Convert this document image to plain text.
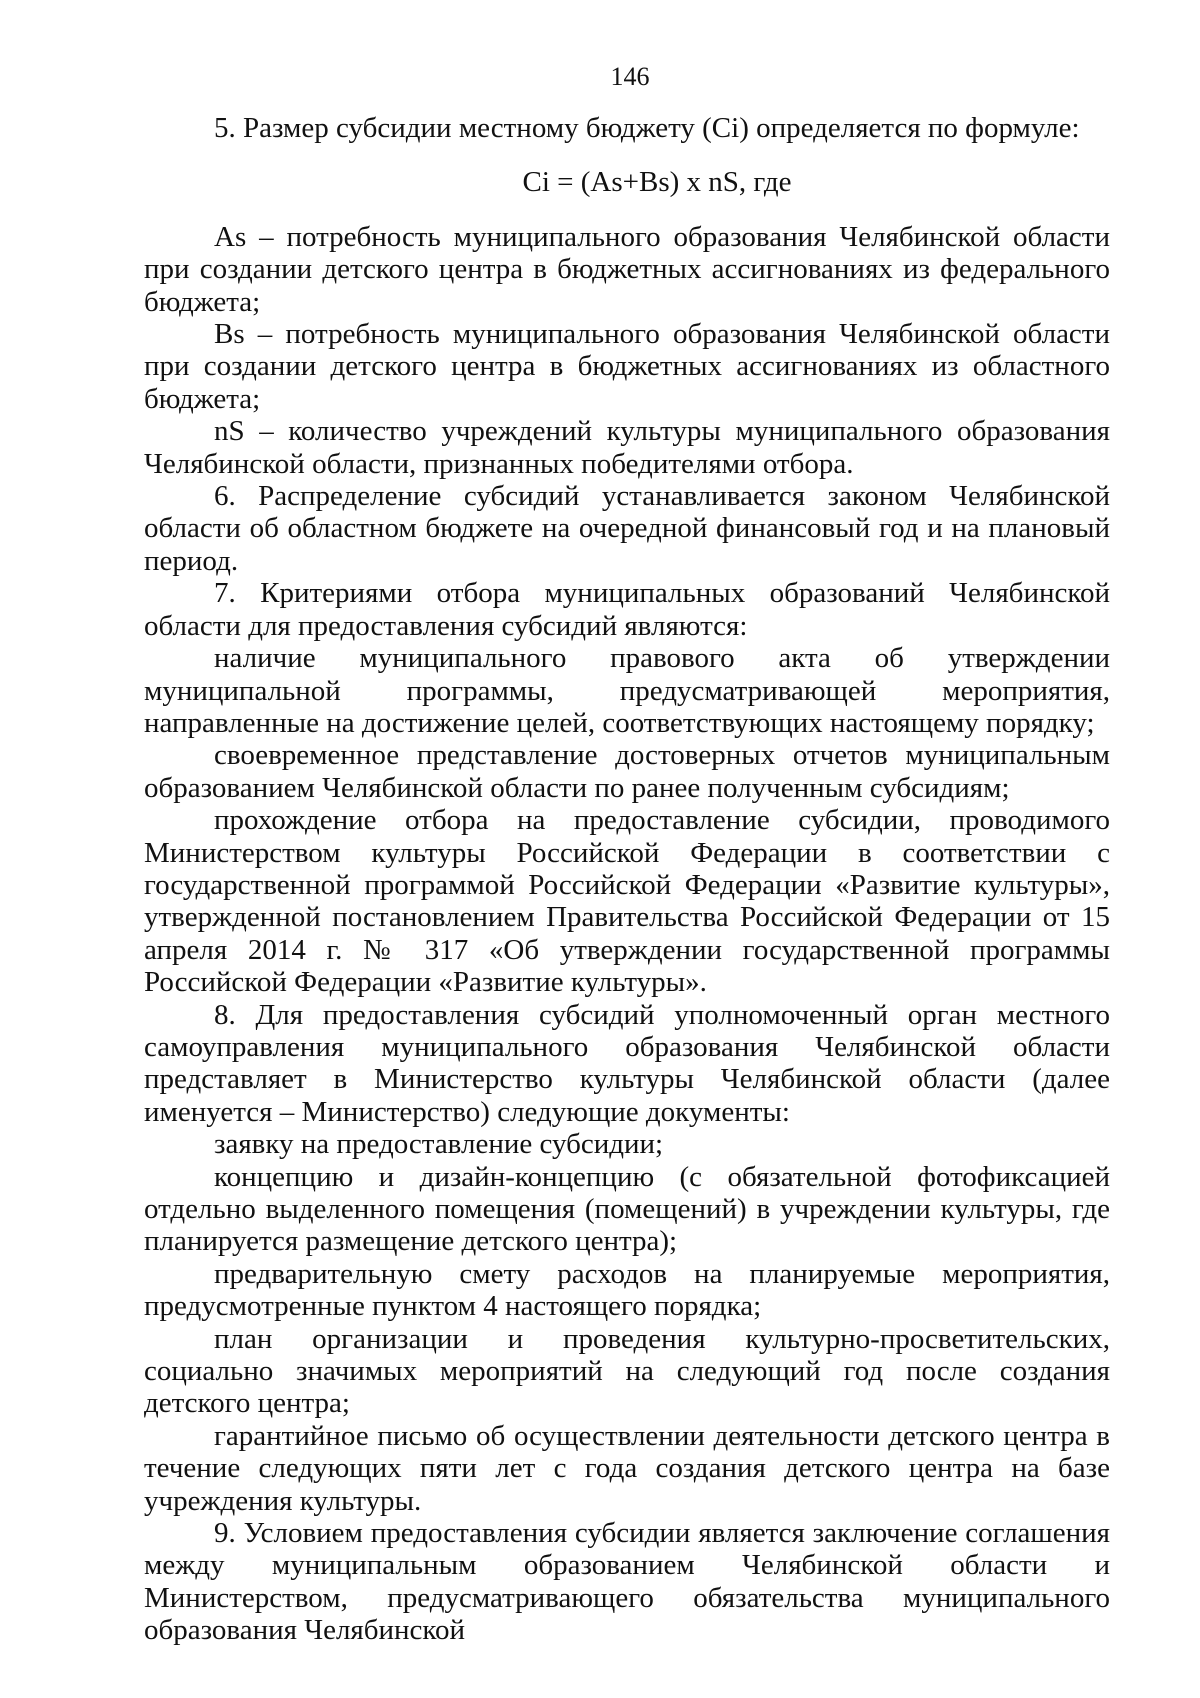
146

5. Размер субсидии местному бюджету (Ci) определяется по формуле:

Ci = (As+Bs) x nS, где

As – потребность муниципального образования Челябинской области при создании детского центра в бюджетных ассигнованиях из федерального бюджета;

Bs – потребность муниципального образования Челябинской области при создании детского центра в бюджетных ассигнованиях из областного бюджета;

nS – количество учреждений культуры муниципального образования Челябинской области, признанных победителями отбора.

6. Распределение субсидий устанавливается законом Челябинской области об областном бюджете на очередной финансовый год и на плановый период.

7. Критериями отбора муниципальных образований Челябинской области для предоставления субсидий являются:

наличие муниципального правового акта об утверждении муниципальной программы, предусматривающей мероприятия, направленные на достижение целей, соответствующих настоящему порядку;

своевременное представление достоверных отчетов муниципальным образованием Челябинской области по ранее полученным субсидиям;

прохождение отбора на предоставление субсидии, проводимого Министерством культуры Российской Федерации в соответствии с государственной программой Российской Федерации «Развитие культуры», утвержденной постановлением Правительства Российской Федерации от 15 апреля 2014 г. № 317 «Об утверждении государственной программы Российской Федерации «Развитие культуры».

8. Для предоставления субсидий уполномоченный орган местного самоуправления муниципального образования Челябинской области представляет в Министерство культуры Челябинской области (далее именуется – Министерство) следующие документы:

заявку на предоставление субсидии;

концепцию и дизайн-концепцию (с обязательной фотофиксацией отдельно выделенного помещения (помещений) в учреждении культуры, где планируется размещение детского центра);

предварительную смету расходов на планируемые мероприятия, предусмотренные пунктом 4 настоящего порядка;

план организации и проведения культурно-просветительских, социально значимых мероприятий на следующий год после создания детского центра;

гарантийное письмо об осуществлении деятельности детского центра в течение следующих пяти лет с года создания детского центра на базе учреждения культуры.

9. Условием предоставления субсидии является заключение соглашения между муниципальным образованием Челябинской области и Министерством, предусматривающего обязательства муниципального образования Челябинской
